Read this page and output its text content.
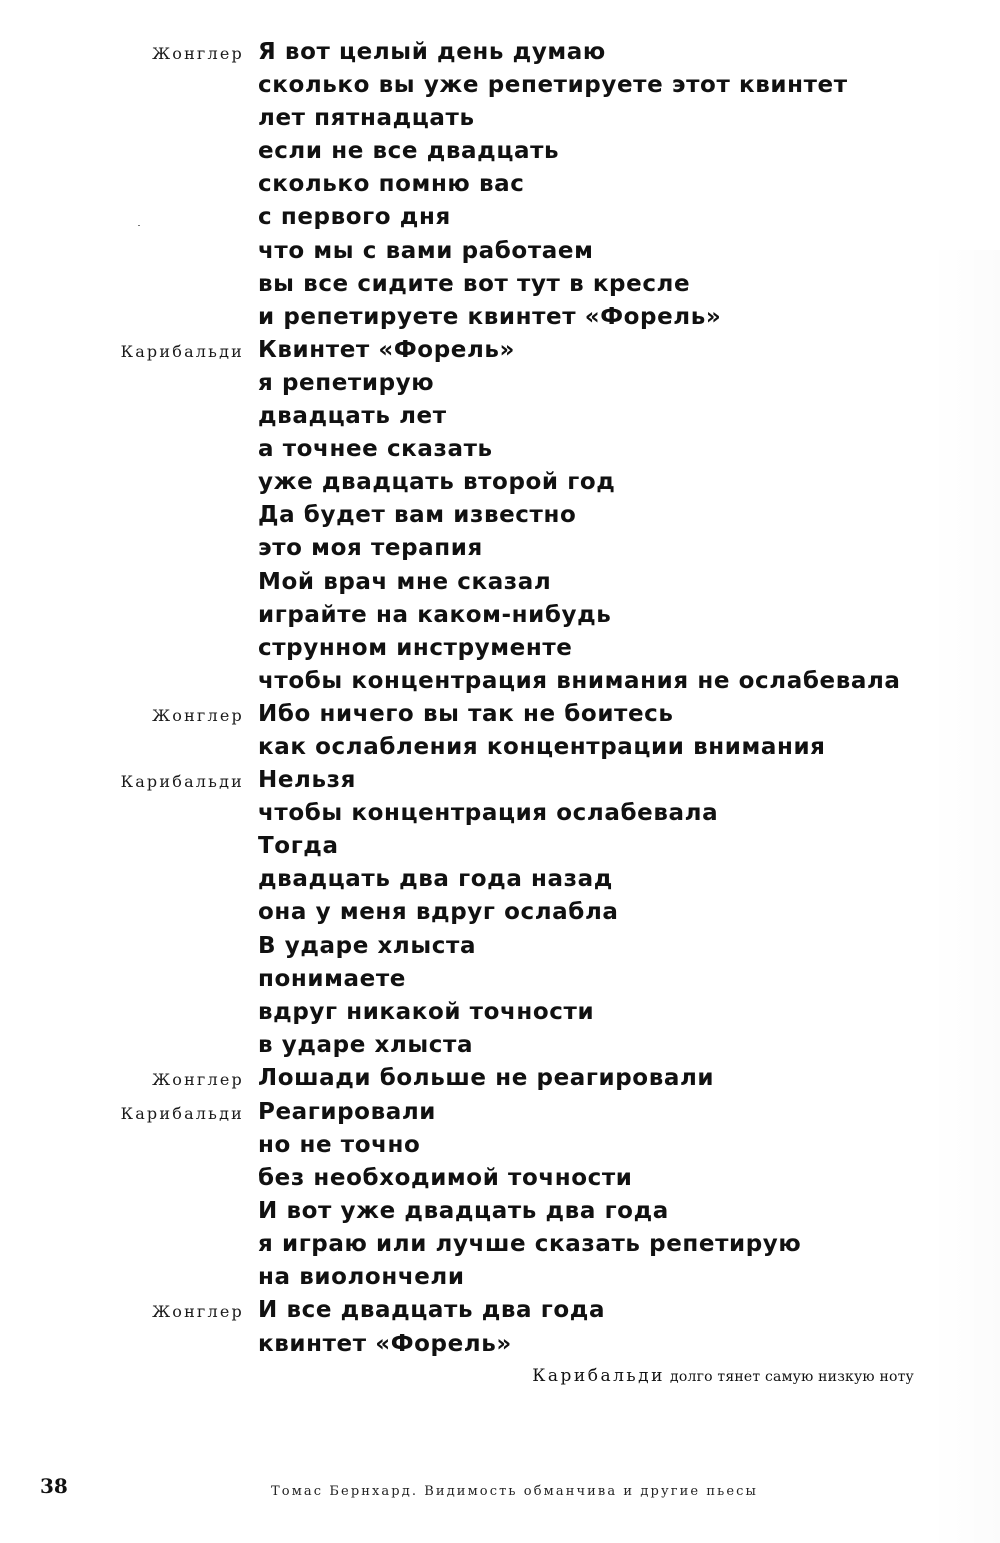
Жонглер Я вот целый день думаю
сколько вы уже репетируете этот квинтет
лет пятнадцать
если не все двадцать
сколько помню вас
с первого дня
что мы с вами работаем
вы все сидите вот тут в кресле
и репетируете квинтет «Форель»
Карибальди Квинтет «Форель»
я репетирую
двадцать лет
а точнее сказать
уже двадцать второй год
Да будет вам известно
это моя терапия
Мой врач мне сказал
играйте на каком-нибудь
струнном инструменте
чтобы концентрация внимания не ослабевала
Жонглер Ибо ничего вы так не боитесь
как ослабления концентрации внимания
Карибальди Нельзя
чтобы концентрация ослабевала
Тогда
двадцать два года назад
она у меня вдруг ослабла
В ударе хлыста
понимаете
вдруг никакой точности
в ударе хлыста
Жонглер Лошади больше не реагировали
Карибальди Реагировали
но не точно
без необходимой точности
И вот уже двадцать два года
я играю или лучше сказать репетирую
на виолончели
Жонглер И все двадцать два года
квинтет «Форель»
Карибальди долго тянет самую низкую ноту
38	Томас Бернхард. Видимость обманчива и другие пьесы
